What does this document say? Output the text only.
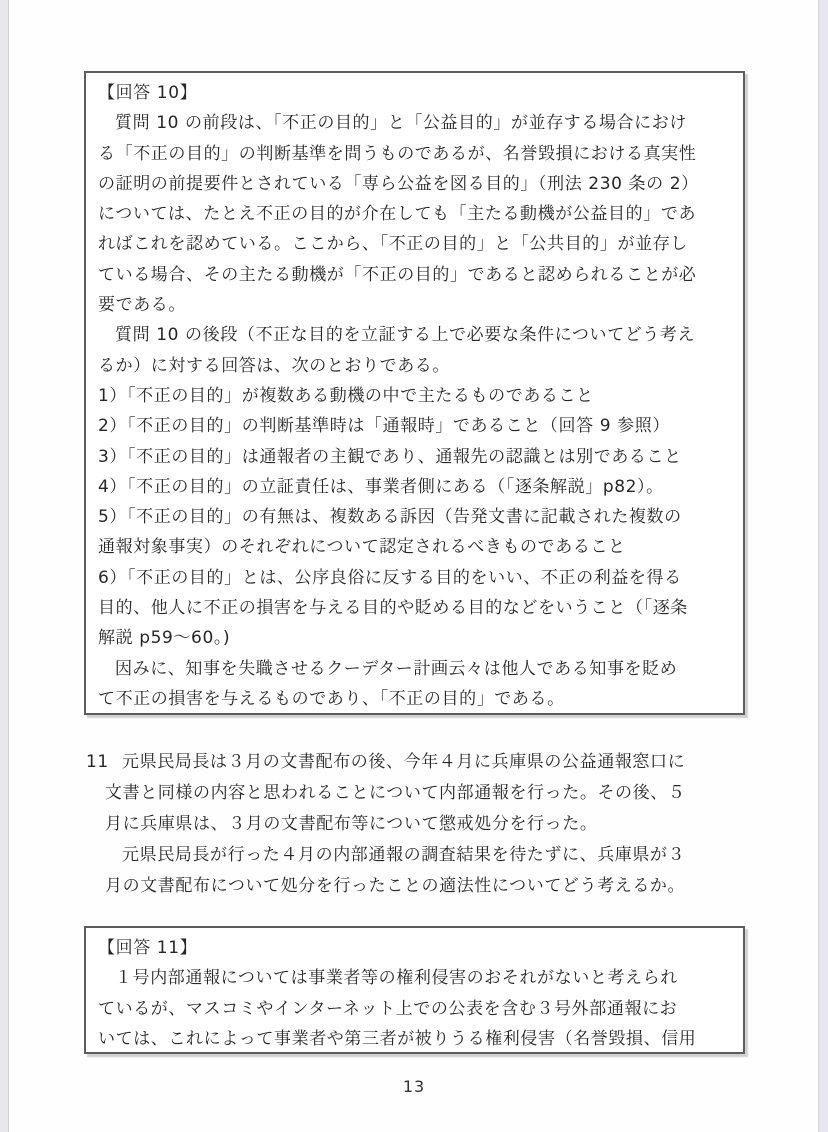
【回答 10】
質問 10 の前段は、「不正の目的」と「公益目的」が並存する場合におけ
る「不正の目的」の判断基準を問うものであるが、名誉毀損における真実性
の証明の前提要件とされている「専ら公益を図る目的」（刑法 230 条の 2）
については、たとえ不正の目的が介在しても「主たる動機が公益目的」であ
ればこれを認めている。ここから、「不正の目的」と「公共目的」が並存し
ている場合、その主たる動機が「不正の目的」であると認められることが必
要である。
質問 10 の後段（不正な目的を立証する上で必要な条件についてどう考え
るか）に対する回答は、次のとおりである。
1）「不正の目的」が複数ある動機の中で主たるものであること
2）「不正の目的」の判断基準時は「通報時」であること（回答 9 参照）
3）「不正の目的」は通報者の主観であり、通報先の認識とは別であること
4）「不正の目的」の立証責任は、事業者側にある（「逐条解説」p82）。
5）「不正の目的」の有無は、複数ある訴因（告発文書に記載された複数の
通報対象事実）のそれぞれについて認定されるべきものであること
6）「不正の目的」とは、公序良俗に反する目的をいい、不正の利益を得る
目的、他人に不正の損害を与える目的や貶める目的などをいうこと（「逐条
解説 p59～60。)
因みに、知事を失職させるクーデター計画云々は他人である知事を貶め
て不正の損害を与えるものであり、「不正の目的」である。
11 元県民局長は３月の文書配布の後、今年４月に兵庫県の公益通報窓口に
文書と同様の内容と思われることについて内部通報を行った。その後、５
月に兵庫県は、３月の文書配布等について懲戒処分を行った。
元県民局長が行った４月の内部通報の調査結果を待たずに、兵庫県が３
月の文書配布について処分を行ったことの適法性についてどう考えるか。
【回答 11】
１号内部通報については事業者等の権利侵害のおそれがないと考えられ
ているが、マスコミやインターネット上での公表を含む３号外部通報にお
いては、これによって事業者や第三者が被りうる権利侵害（名誉毀損、信用
13
